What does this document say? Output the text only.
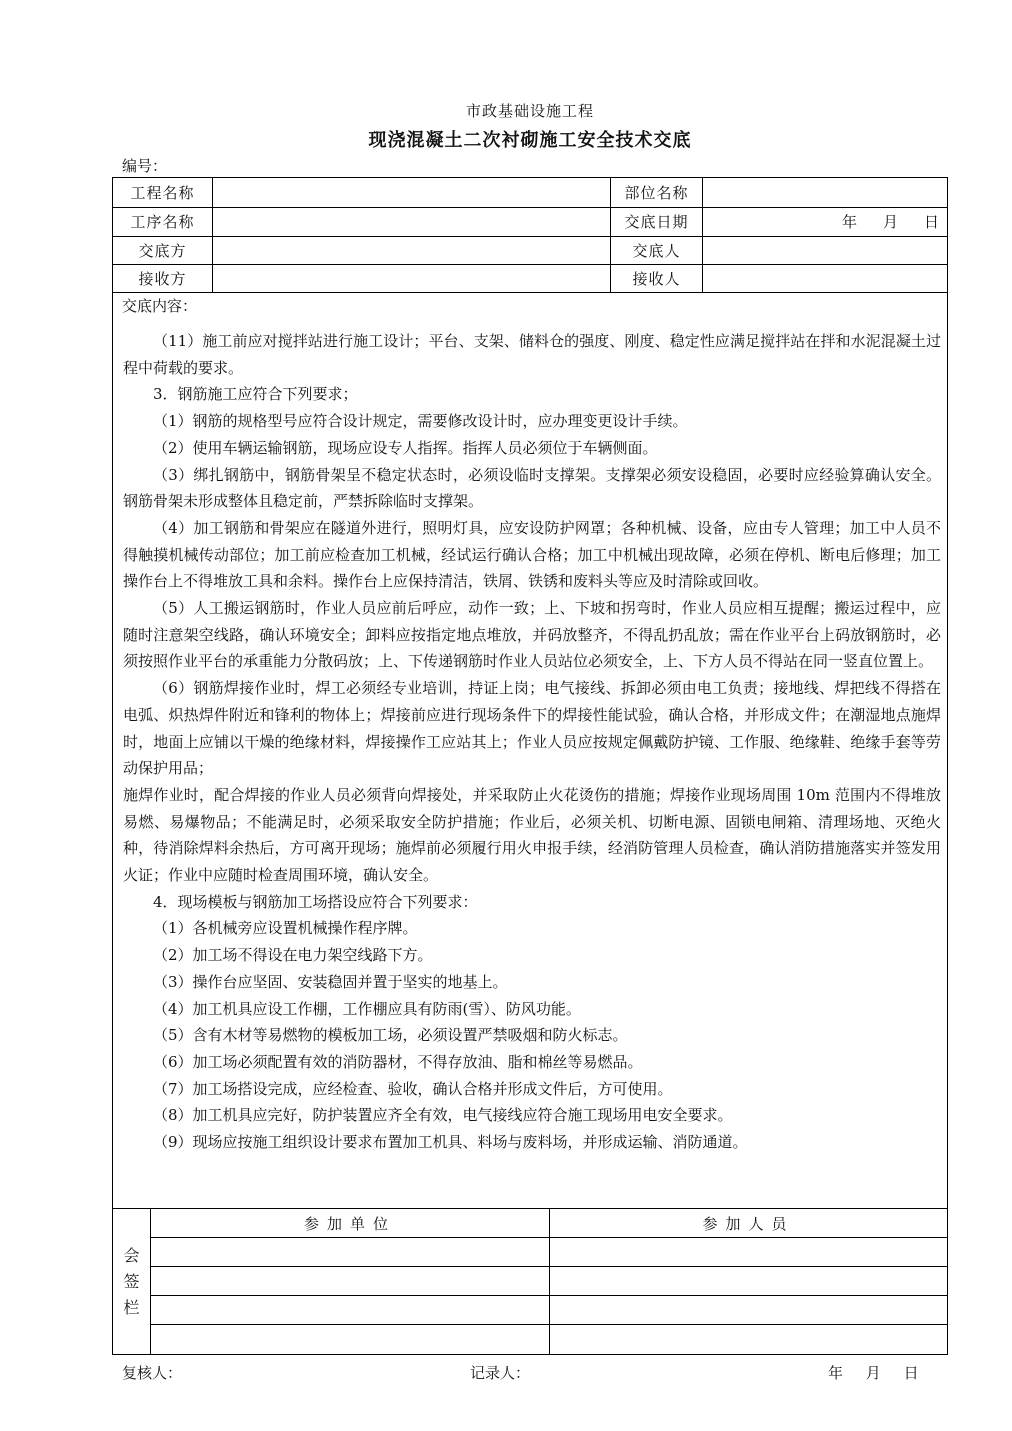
市政基础设施工程
现浇混凝土二次衬砌施工安全技术交底
编号：
工程名称	部位名称
工序名称	交底日期	年 月 日
交底方	交底人
接收方	接收人
交底内容：

（11）施工前应对搅拌站进行施工设计；平台、支架、储料仓的强度、刚度、稳定性应满足搅拌站在拌和水泥混凝土过程中荷载的要求。

3．钢筋施工应符合下列要求；

（1）钢筋的规格型号应符合设计规定，需要修改设计时，应办理变更设计手续。

（2）使用车辆运输钢筋，现场应设专人指挥。指挥人员必须位于车辆侧面。

（3）绑扎钢筋中，钢筋骨架呈不稳定状态时，必须设临时支撑架。支撑架必须安设稳固，必要时应经验算确认安全。钢筋骨架未形成整体且稳定前，严禁拆除临时支撑架。

（4）加工钢筋和骨架应在隧道外进行，照明灯具，应安设防护网罩；各种机械、设备，应由专人管理；加工中人员不得触摸机械传动部位；加工前应检查加工机械，经试运行确认合格；加工中机械出现故障，必须在停机、断电后修理；加工操作台上不得堆放工具和余料。操作台上应保持清洁，铁屑、铁锈和废料头等应及时清除或回收。

（5）人工搬运钢筋时，作业人员应前后呼应，动作一致；上、下坡和拐弯时，作业人员应相互提醒；搬运过程中，应随时注意架空线路，确认环境安全；卸料应按指定地点堆放，并码放整齐，不得乱扔乱放；需在作业平台上码放钢筋时，必须按照作业平台的承重能力分散码放；上、下传递钢筋时作业人员站位必须安全，上、下方人员不得站在同一竖直位置上。

（6）钢筋焊接作业时，焊工必须经专业培训，持证上岗；电气接线、拆卸必须由电工负责；接地线、焊把线不得搭在电弧、炽热焊件附近和锋利的物体上；焊接前应进行现场条件下的焊接性能试验，确认合格，并形成文件；在潮湿地点施焊时，地面上应铺以干燥的绝缘材料，焊接操作工应站其上；作业人员应按规定佩戴防护镜、工作服、绝缘鞋、绝缘手套等劳动保护用品；

施焊作业时，配合焊接的作业人员必须背向焊接处，并采取防止火花烫伤的措施；焊接作业现场周围 10m 范围内不得堆放易燃、易爆物品；不能满足时，必须采取安全防护措施；作业后，必须关机、切断电源、固锁电闸箱、清理场地、灭绝火种，待消除焊料余热后，方可离开现场；施焊前必须履行用火申报手续，经消防管理人员检查，确认消防措施落实并签发用火证；作业中应随时检查周围环境，确认安全。

4．现场模板与钢筋加工场搭设应符合下列要求：

（1）各机械旁应设置机械操作程序牌。

（2）加工场不得设在电力架空线路下方。

（3）操作台应坚固、安装稳固并置于坚实的地基上。

（4）加工机具应设工作棚，工作棚应具有防雨(雪）、防风功能。

（5）含有木材等易燃物的模板加工场，必须设置严禁吸烟和防火标志。

（6）加工场必须配置有效的消防器材，不得存放油、脂和棉丝等易燃品。

（7）加工场搭设完成，应经检查、验收，确认合格并形成文件后，方可使用。

（8）加工机具应完好，防护装置应齐全有效，电气接线应符合施工现场用电安全要求。

（9）现场应按施工组织设计要求布置加工机具、料场与废料场，并形成运输、消防通道。

会
签
栏
参加单位	参加人员
复核人：	记录人：	年 月 日
